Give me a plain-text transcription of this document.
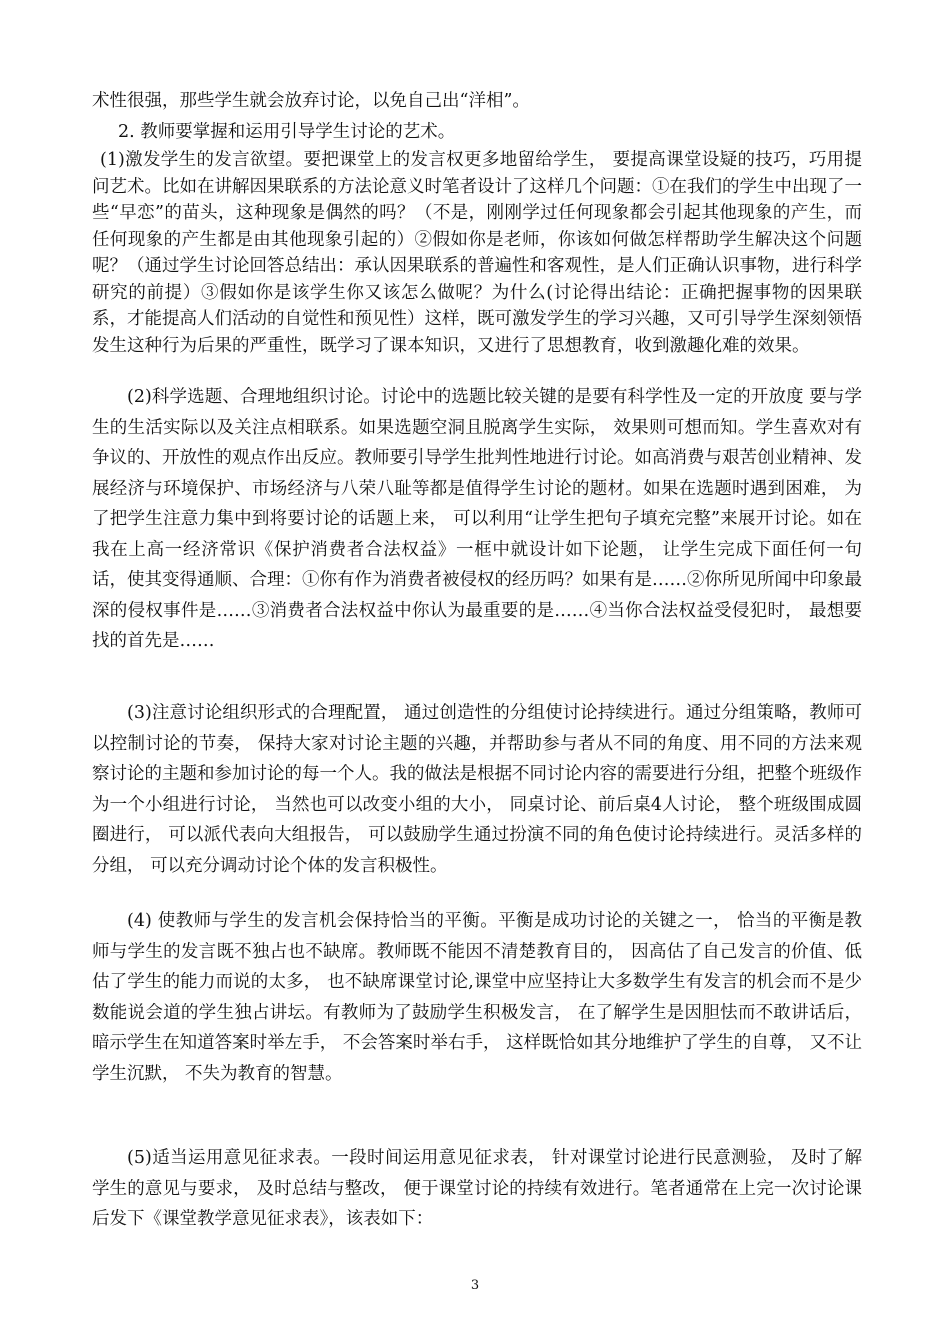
术性很强，那些学生就会放弃讨论，以免自己出“洋相”。

2. 教师要掌握和运用引导学生讨论的艺术。

(1)激发学生的发言欲望。要把课堂上的发言权更多地留给学生， 要提高课堂设疑的技巧，巧用提问艺术。比如在讲解因果联系的方法论意义时笔者设计了这样几个问题：①在我们的学生中出现了一些“早恋”的苗头，这种现象是偶然的吗？（不是，刚刚学过任何现象都会引起其他现象的产生，而任何现象的产生都是由其他现象引起的）②假如你是老师，你该如何做怎样帮助学生解决这个问题呢？（通过学生讨论回答总结出：承认因果联系的普遍性和客观性，是人们正确认识事物，进行科学研究的前提）③假如你是该学生你又该怎么做呢？为什么(讨论得出结论：正确把握事物的因果联系，才能提高人们活动的自觉性和预见性）这样，既可激发学生的学习兴趣，又可引导学生深刻领悟发生这种行为后果的严重性，既学习了课本知识，又进行了思想教育，收到激趣化难的效果。

(2)科学选题、合理地组织讨论。讨论中的选题比较关键的是要有科学性及一定的开放度 要与学生的生活实际以及关注点相联系。如果选题空洞且脱离学生实际， 效果则可想而知。学生喜欢对有争议的、开放性的观点作出反应。教师要引导学生批判性地进行讨论。如高消费与艰苦创业精神、发展经济与环境保护、市场经济与八荣八耻等都是值得学生讨论的题材。如果在选题时遇到困难， 为了把学生注意力集中到将要讨论的话题上来， 可以利用“让学生把句子填充完整”来展开讨论。如在我在上高一经济常识《保护消费者合法权益》一框中就设计如下论题， 让学生完成下面任何一句话，使其变得通顺、合理：①你有作为消费者被侵权的经历吗？如果有是……②你所见所闻中印象最深的侵权事件是……③消费者合法权益中你认为最重要的是……④当你合法权益受侵犯时， 最想要找的首先是……

(3)注意讨论组织形式的合理配置， 通过创造性的分组使讨论持续进行。通过分组策略，教师可以控制讨论的节奏， 保持大家对讨论主题的兴趣，并帮助参与者从不同的角度、用不同的方法来观察讨论的主题和参加讨论的每一个人。我的做法是根据不同讨论内容的需要进行分组，把整个班级作为一个小组进行讨论， 当然也可以改变小组的大小， 同桌讨论、前后桌4人讨论， 整个班级围成圆圈进行， 可以派代表向大组报告， 可以鼓励学生通过扮演不同的角色使讨论持续进行。灵活多样的分组， 可以充分调动讨论个体的发言积极性。

(4) 使教师与学生的发言机会保持恰当的平衡。平衡是成功讨论的关键之一， 恰当的平衡是教师与学生的发言既不独占也不缺席。教师既不能因不清楚教育目的， 因高估了自己发言的价值、低估了学生的能力而说的太多， 也不缺席课堂讨论,课堂中应坚持让大多数学生有发言的机会而不是少数能说会道的学生独占讲坛。有教师为了鼓励学生积极发言， 在了解学生是因胆怯而不敢讲话后， 暗示学生在知道答案时举左手， 不会答案时举右手， 这样既恰如其分地维护了学生的自尊， 又不让学生沉默， 不失为教育的智慧。

(5)适当运用意见征求表。一段时间运用意见征求表， 针对课堂讨论进行民意测验， 及时了解学生的意见与要求， 及时总结与整改， 便于课堂讨论的持续有效进行。笔者通常在上完一次讨论课后发下《课堂教学意见征求表》，该表如下：

3
